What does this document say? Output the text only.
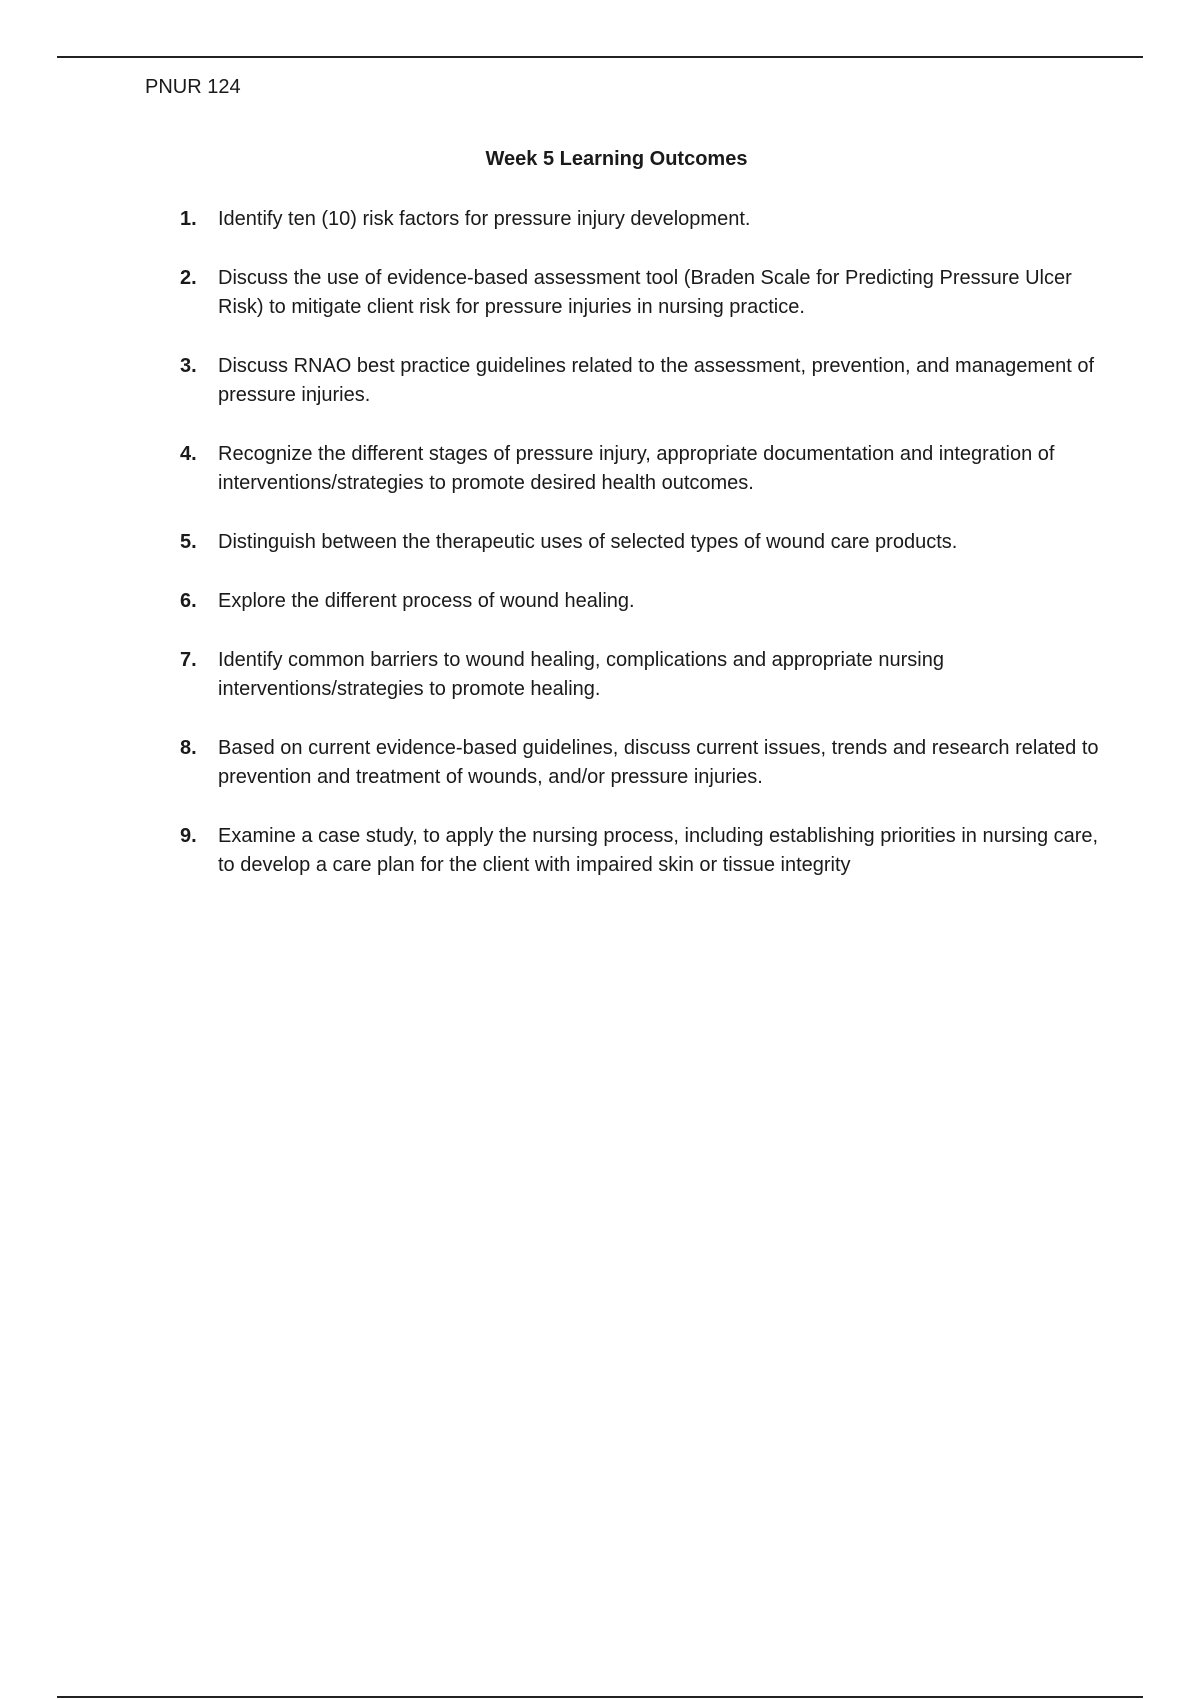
PNUR 124
Week 5 Learning Outcomes
1.	Identify ten (10) risk factors for pressure injury development.
2.	Discuss the use of evidence-based assessment tool (Braden Scale for Predicting Pressure Ulcer Risk) to mitigate client risk for pressure injuries in nursing practice.
3.	Discuss RNAO best practice guidelines related to the assessment, prevention, and management of pressure injuries.
4.	Recognize the different stages of pressure injury, appropriate documentation and integration of interventions/strategies to promote desired health outcomes.
5.	Distinguish between the therapeutic uses of selected types of wound care products.
6.	Explore the different process of wound healing.
7.	Identify common barriers to wound healing, complications and appropriate nursing interventions/strategies to promote healing.
8.	Based on current evidence-based guidelines, discuss current issues, trends and research related to prevention and treatment of wounds, and/or pressure injuries.
9.	Examine a case study, to apply the nursing process, including establishing priorities in nursing care, to develop a care plan for the client with impaired skin or tissue integrity
